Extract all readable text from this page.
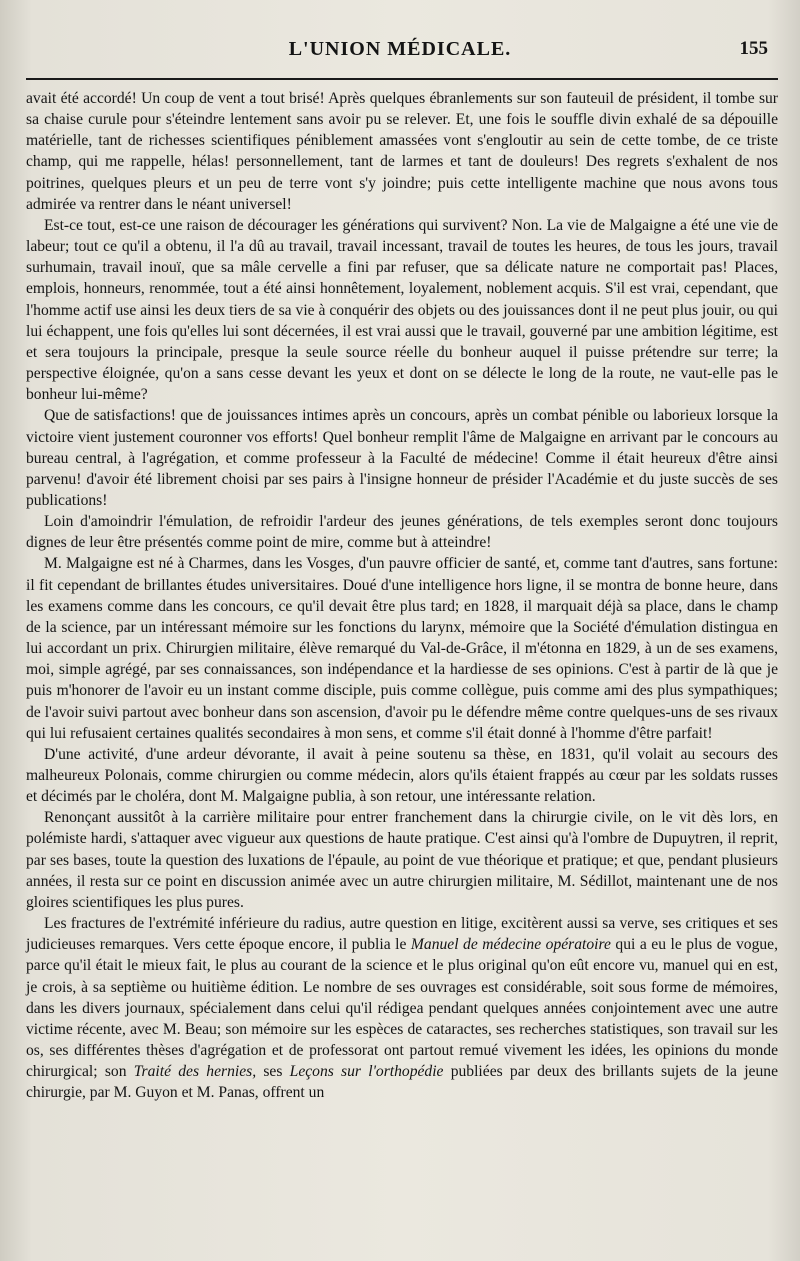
L'UNION MÉDICALE.	155

avait été accordé! Un coup de vent a tout brisé! Après quelques ébranlements sur son fauteuil de président, il tombe sur sa chaise curule pour s'éteindre lentement sans avoir pu se relever. Et, une fois le souffle divin exhalé de sa dépouille matérielle, tant de richesses scientifiques péniblement amassées vont s'engloutir au sein de cette tombe, de ce triste champ, qui me rappelle, hélas! personnellement, tant de larmes et tant de douleurs! Des regrets s'exhalent de nos poitrines, quelques pleurs et un peu de terre vont s'y joindre; puis cette intelligente machine que nous avons tous admirée va rentrer dans le néant universel!

Est-ce tout, est-ce une raison de décourager les générations qui survivent? Non. La vie de Malgaigne a été une vie de labeur; tout ce qu'il a obtenu, il l'a dû au travail, travail incessant, travail de toutes les heures, de tous les jours, travail surhumain, travail inouï, que sa mâle cervelle a fini par refuser, que sa délicate nature ne comportait pas! Places, emplois, honneurs, renommée, tout a été ainsi honnêtement, loyalement, noblement acquis. S'il est vrai, cependant, que l'homme actif use ainsi les deux tiers de sa vie à conquérir des objets ou des jouissances dont il ne peut plus jouir, ou qui lui échappent, une fois qu'elles lui sont décernées, il est vrai aussi que le travail, gouverné par une ambition légitime, est et sera toujours la principale, presque la seule source réelle du bonheur auquel il puisse prétendre sur terre; la perspective éloignée, qu'on a sans cesse devant les yeux et dont on se délecte le long de la route, ne vaut-elle pas le bonheur lui-même?

Que de satisfactions! que de jouissances intimes après un concours, après un combat pénible ou laborieux lorsque la victoire vient justement couronner vos efforts! Quel bonheur remplit l'âme de Malgaigne en arrivant par le concours au bureau central, à l'agrégation, et comme professeur à la Faculté de médecine! Comme il était heureux d'être ainsi parvenu! d'avoir été librement choisi par ses pairs à l'insigne honneur de présider l'Académie et du juste succès de ses publications!

Loin d'amoindrir l'émulation, de refroidir l'ardeur des jeunes générations, de tels exemples seront donc toujours dignes de leur être présentés comme point de mire, comme but à atteindre!

M. Malgaigne est né à Charmes, dans les Vosges, d'un pauvre officier de santé, et, comme tant d'autres, sans fortune: il fit cependant de brillantes études universitaires. Doué d'une intelligence hors ligne, il se montra de bonne heure, dans les examens comme dans les concours, ce qu'il devait être plus tard; en 1828, il marquait déjà sa place, dans le champ de la science, par un intéressant mémoire sur les fonctions du larynx, mémoire que la Société d'émulation distingua en lui accordant un prix. Chirurgien militaire, élève remarqué du Val-de-Grâce, il m'étonna en 1829, à un de ses examens, moi, simple agrégé, par ses connaissances, son indépendance et la hardiesse de ses opinions. C'est à partir de là que je puis m'honorer de l'avoir eu un instant comme disciple, puis comme collègue, puis comme ami des plus sympathiques; de l'avoir suivi partout avec bonheur dans son ascension, d'avoir pu le défendre même contre quelques-uns de ses rivaux qui lui refusaient certaines qualités secondaires à mon sens, et comme s'il était donné à l'homme d'être parfait!

D'une activité, d'une ardeur dévorante, il avait à peine soutenu sa thèse, en 1831, qu'il volait au secours des malheureux Polonais, comme chirurgien ou comme médecin, alors qu'ils étaient frappés au cœur par les soldats russes et décimés par le choléra, dont M. Malgaigne publia, à son retour, une intéressante relation.

Renonçant aussitôt à la carrière militaire pour entrer franchement dans la chirurgie civile, on le vit dès lors, en polémiste hardi, s'attaquer avec vigueur aux questions de haute pratique. C'est ainsi qu'à l'ombre de Dupuytren, il reprit, par ses bases, toute la question des luxations de l'épaule, au point de vue théorique et pratique; et que, pendant plusieurs années, il resta sur ce point en discussion animée avec un autre chirurgien militaire, M. Sédillot, maintenant une de nos gloires scientifiques les plus pures.

Les fractures de l'extrémité inférieure du radius, autre question en litige, excitèrent aussi sa verve, ses critiques et ses judicieuses remarques. Vers cette époque encore, il publia le Manuel de médecine opératoire qui a eu le plus de vogue, parce qu'il était le mieux fait, le plus au courant de la science et le plus original qu'on eût encore vu, manuel qui en est, je crois, à sa septième ou huitième édition. Le nombre de ses ouvrages est considérable, soit sous forme de mémoires, dans les divers journaux, spécialement dans celui qu'il rédigea pendant quelques années conjointement avec une autre victime récente, avec M. Beau; son mémoire sur les espèces de cataractes, ses recherches statistiques, son travail sur les os, ses différentes thèses d'agrégation et de professorat ont partout remué vivement les idées, les opinions du monde chirurgical; son Traité des hernies, ses Leçons sur l'orthopédie publiées par deux des brillants sujets de la jeune chirurgie, par M. Guyon et M. Panas, offrent un
